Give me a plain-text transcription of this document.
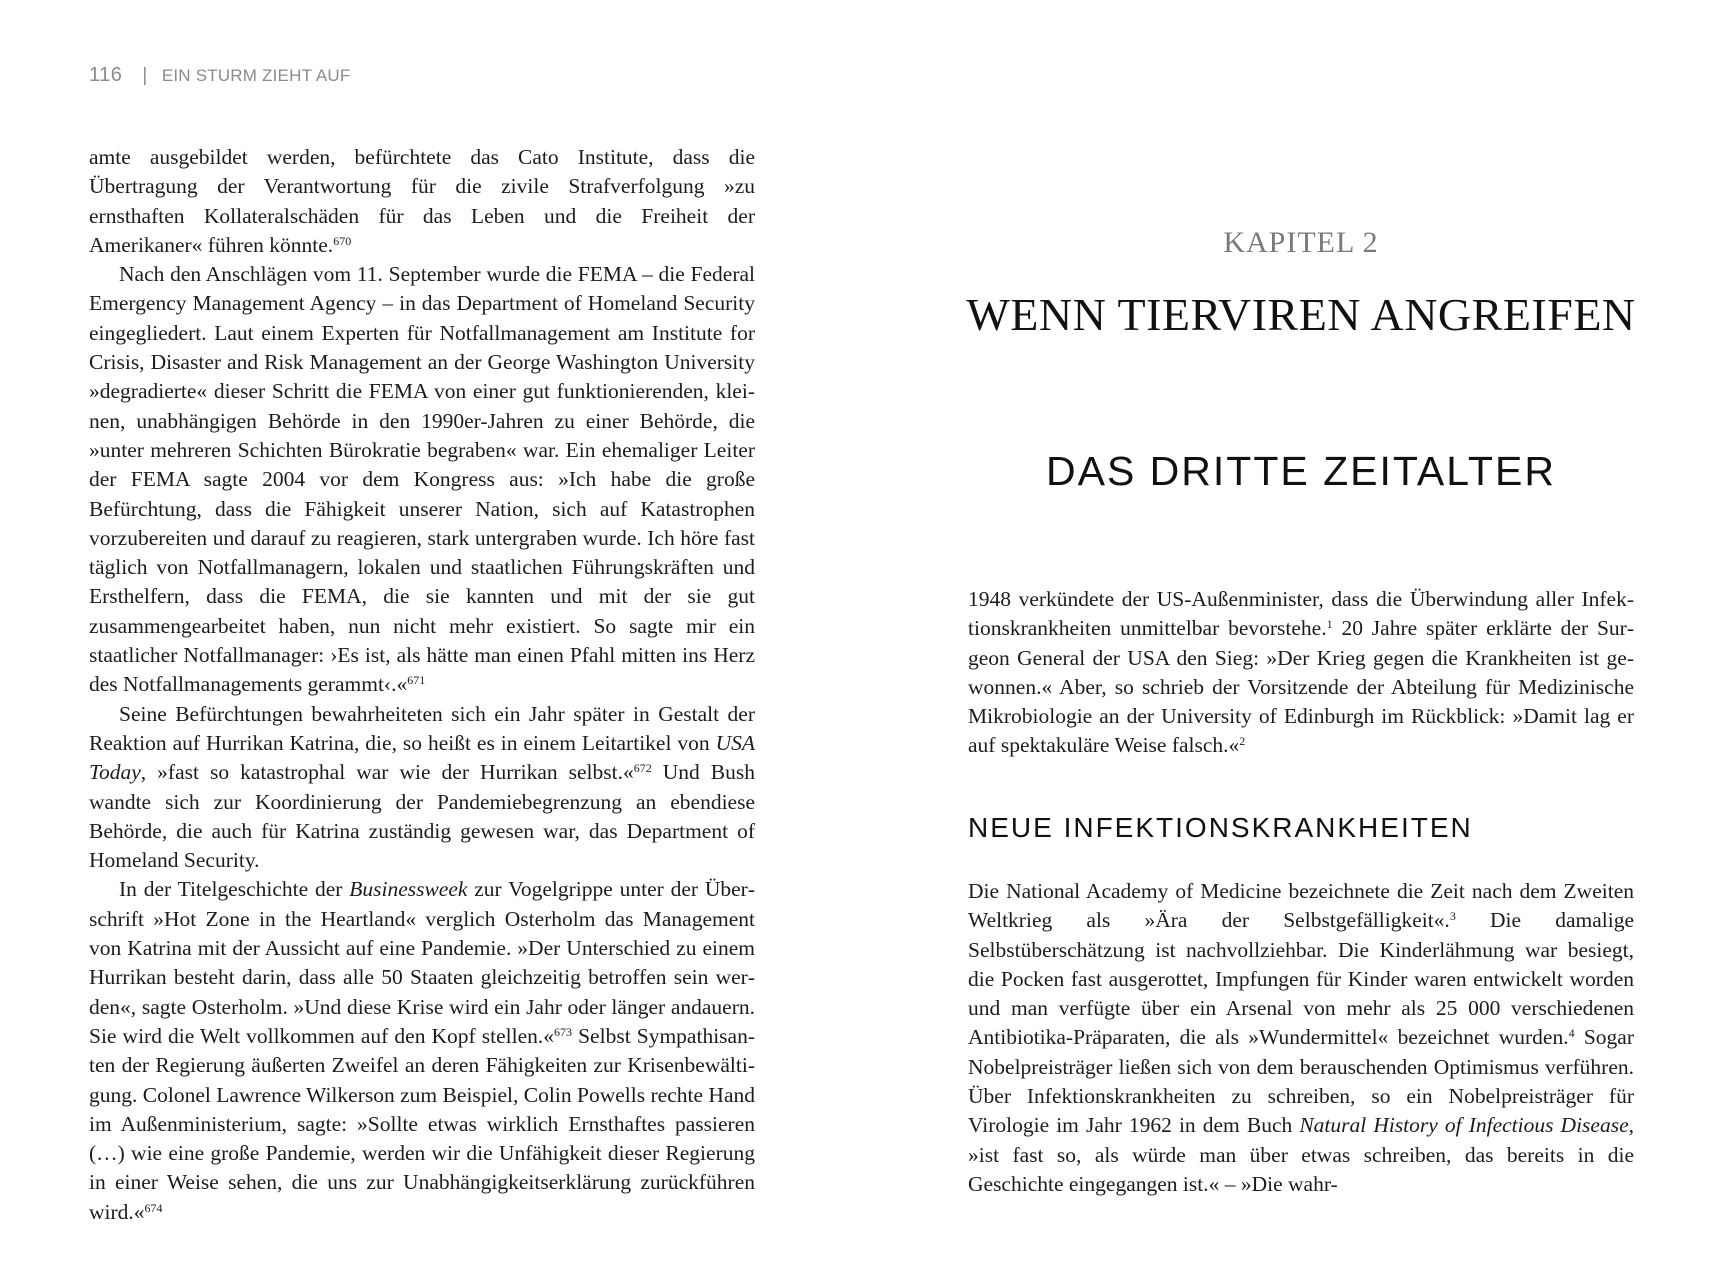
116 | EIN STURM ZIEHT AUF

amte ausgebildet werden, befürchtete das Cato Institute, dass die Übertragung der Verantwortung für die zivile Strafverfolgung »zu ernsthaften Kollateralschäden für das Leben und die Freiheit der Amerikaner« führen könnte.$^{670}$

Nach den Anschlägen vom 11. September wurde die FEMA – die Federal Emergency Management Agency – in das Department of Homeland Security eingegliedert. Laut einem Experten für Notfallmanagement am Institute for Crisis, Disaster and Risk Management an der George Washington University »degradierte« dieser Schritt die FEMA von einer gut funktionierenden, kleinen, unabhängigen Behörde in den 1990er-Jahren zu einer Behörde, die »unter mehreren Schichten Bürokratie begraben« war. Ein ehemaliger Leiter der FEMA sagte 2004 vor dem Kongress aus: »Ich habe die große Befürchtung, dass die Fähigkeit unserer Nation, sich auf Katastrophen vorzubereiten und darauf zu reagieren, stark untergraben wurde. Ich höre fast täglich von Notfallmanagern, lokalen und staatlichen Führungskräften und Ersthelfern, dass die FEMA, die sie kannten und mit der sie gut zusammengearbeitet haben, nun nicht mehr existiert. So sagte mir ein staatlicher Notfallmanager: ›Es ist, als hätte man einen Pfahl mitten ins Herz des Notfallmanagements gerammt‹.«$^{671}$

Seine Befürchtungen bewahrheiteten sich ein Jahr später in Gestalt der Reaktion auf Hurrikan Katrina, die, so heißt es in einem Leitartikel von USA Today, »fast so katastrophal war wie der Hurrikan selbst.«$^{672}$ Und Bush wandte sich zur Koordinierung der Pandemiebegrenzung an ebendiese Behörde, die auch für Katrina zuständig gewesen war, das Department of Homeland Security.

In der Titelgeschichte der Businessweek zur Vogelgrippe unter der Überschrift »Hot Zone in the Heartland« verglich Osterholm das Management von Katrina mit der Aussicht auf eine Pandemie. »Der Unterschied zu einem Hurrikan besteht darin, dass alle 50 Staaten gleichzeitig betroffen sein werden«, sagte Osterholm. »Und diese Krise wird ein Jahr oder länger andauern. Sie wird die Welt vollkommen auf den Kopf stellen.«$^{673}$ Selbst Sympathisanten der Regierung äußerten Zweifel an deren Fähigkeiten zur Krisenbewältigung. Colonel Lawrence Wilkerson zum Beispiel, Colin Powells rechte Hand im Außenministerium, sagte: »Sollte etwas wirklich Ernsthaftes passieren (…) wie eine große Pandemie, werden wir die Unfähigkeit dieser Regierung in einer Weise sehen, die uns zur Unabhängigkeitserklärung zurückführen wird.«$^{674}$

KAPITEL 2
WENN TIERVIREN ANGREIFEN
DAS DRITTE ZEITALTER

1948 verkündete der US-Außenminister, dass die Überwindung aller Infektionskrankheiten unmittelbar bevorstehe.$^1$ 20 Jahre später erklärte der Surgeon General der USA den Sieg: »Der Krieg gegen die Krankheiten ist gewonnen.« Aber, so schrieb der Vorsitzende der Abteilung für Medizinische Mikrobiologie an der University of Edinburgh im Rückblick: »Damit lag er auf spektakuläre Weise falsch.«$^2$

NEUE INFEKTIONSKRANKHEITEN

Die National Academy of Medicine bezeichnete die Zeit nach dem Zweiten Weltkrieg als »Ära der Selbstgefälligkeit«.$^3$ Die damalige Selbstüberschätzung ist nachvollziehbar. Die Kinderlähmung war besiegt, die Pocken fast ausgerottet, Impfungen für Kinder waren entwickelt worden und man verfügte über ein Arsenal von mehr als 25 000 verschiedenen Antibiotika-Präparaten, die als »Wundermittel« bezeichnet wurden.$^4$ Sogar Nobelpreisträger ließen sich von dem berauschenden Optimismus verführen. Über Infektionskrankheiten zu schreiben, so ein Nobelpreisträger für Virologie im Jahr 1962 in dem Buch Natural History of Infectious Disease, »ist fast so, als würde man über etwas schreiben, das bereits in die Geschichte eingegangen ist.« – »Die wahr-
